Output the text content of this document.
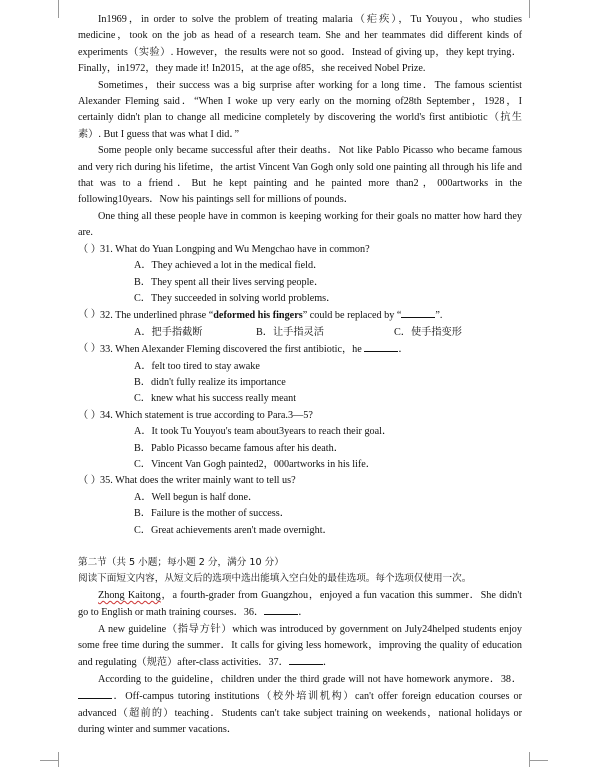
In1969，in order to solve the problem of treating malaria（疟疾），Tu Youyou，who studies medicine，took on the job as head of a research team. She and her teammates did different kinds of experiments（实验）. However，the results were not so good．Instead of giving up，they kept trying．Finally，in1972，they made it! In2015，at the age of85，she received Nobel Prize.

Sometimes，their success was a big surprise after working for a long time．The famous scientist Alexander Fleming said．“When I woke up very early on the morning of28th September，1928，I certainly didn't plan to change all medicine completely by discovering the world's first antibiotic（抗生素）. But I guess that was what I did．”

Some people only became successful after their deaths．Not like Pablo Picasso who became famous and very rich during his lifetime，the artist Vincent Van Gogh only sold one painting all through his life and that was to a friend．But he kept painting and he painted more than2，000artworks in the following10years．Now his paintings sell for millions of pounds．

One thing all these people have in common is keeping working for their goals no matter how hard they are.

（ ） 31. What do Yuan Longping and Wu Mengchao have in common?

A．They achieved a lot in the medical field．

B．They spent all their lives serving people．

C．They succeeded in solving world problems．

（ ） 32. The underlined phrase “deformed his fingers” could be replaced by “	”.
A．把手指截断	B．让手指灵活	C．使手指变形
（ ） 33. When Alexander Fleming discovered the first antibiotic，he	．

A．felt too tired to stay awake

B．didn't fully realize its importance

C．knew what his success really meant

（ ） 34. Which statement is true according to Para.3—5?

A．It took Tu Youyou's team about3years to reach their goal．

B．Pablo Picasso became famous after his death．

C．Vincent Van Gogh painted2，000artworks in his life．

（ ） 35. What does the writer mainly want to tell us?

A．Well begun is half done．

B．Failure is the mother of success．

C．Great achievements aren't made overnight．

第二节（共 5 小题；每小题 2 分，满分 10 分）

阅读下面短文内容，从短文后的选项中选出能填入空白处的最佳选项。每个选项仅使用一次。

Zhong Kaitong，a fourth-grader from Guangzhou，enjoyed a fun vacation this summer．She didn't go to English or math training courses．36．	．

A new guideline（指导方针）which was introduced by government on July24helped students enjoy some free time during the summer．It calls for giving less homework，improving the quality of education and regulating（规范）after-class activities．37．	．

According to the guideline，children under the third grade will not have homework anymore．38．．Off-campus tutoring institutions（校外培训机构）can't offer foreign education courses or advanced（超前的）teaching．Students can't take subject training on weekends，national holidays or during winter and summer vacations．
